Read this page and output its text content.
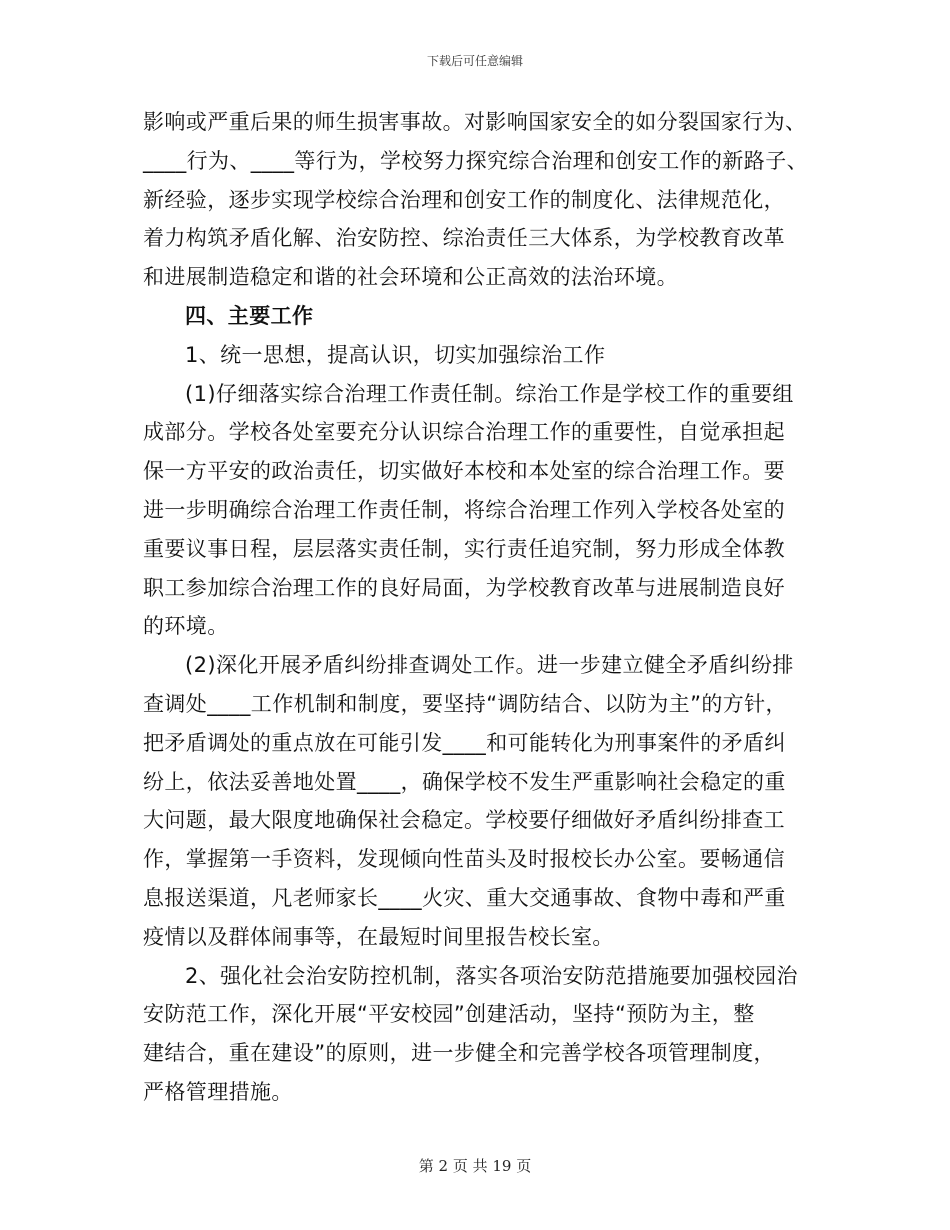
下载后可任意编辑
影响或严重后果的师生损害事故。对影响国家安全的如分裂国家行为、
____行为、____等行为，学校努力探究综合治理和创安工作的新路子、
新经验，逐步实现学校综合治理和创安工作的制度化、法律规范化，
着力构筑矛盾化解、治安防控、综治责任三大体系，为学校教育改革
和进展制造稳定和谐的社会环境和公正高效的法治环境。
四、主要工作
1、统一思想，提高认识，切实加强综治工作
(1)仔细落实综合治理工作责任制。综治工作是学校工作的重要组
成部分。学校各处室要充分认识综合治理工作的重要性，自觉承担起
保一方平安的政治责任，切实做好本校和本处室的综合治理工作。要
进一步明确综合治理工作责任制，将综合治理工作列入学校各处室的
重要议事日程，层层落实责任制，实行责任追究制，努力形成全体教
职工参加综合治理工作的良好局面，为学校教育改革与进展制造良好
的环境。
(2)深化开展矛盾纠纷排查调处工作。进一步建立健全矛盾纠纷排
查调处____工作机制和制度，要坚持“调防结合、以防为主”的方针，
把矛盾调处的重点放在可能引发____和可能转化为刑事案件的矛盾纠
纷上，依法妥善地处置____，确保学校不发生严重影响社会稳定的重
大问题，最大限度地确保社会稳定。学校要仔细做好矛盾纠纷排查工
作，掌握第一手资料，发现倾向性苗头及时报校长办公室。要畅通信
息报送渠道，凡老师家长____火灾、重大交通事故、食物中毒和严重
疫情以及群体闹事等，在最短时间里报告校长室。
2、强化社会治安防控机制，落实各项治安防范措施要加强校园治
安防范工作，深化开展“平安校园”创建活动，坚持“预防为主，整
建结合，重在建设”的原则，进一步健全和完善学校各项管理制度，
严格管理措施。
第 2 页 共 19 页
